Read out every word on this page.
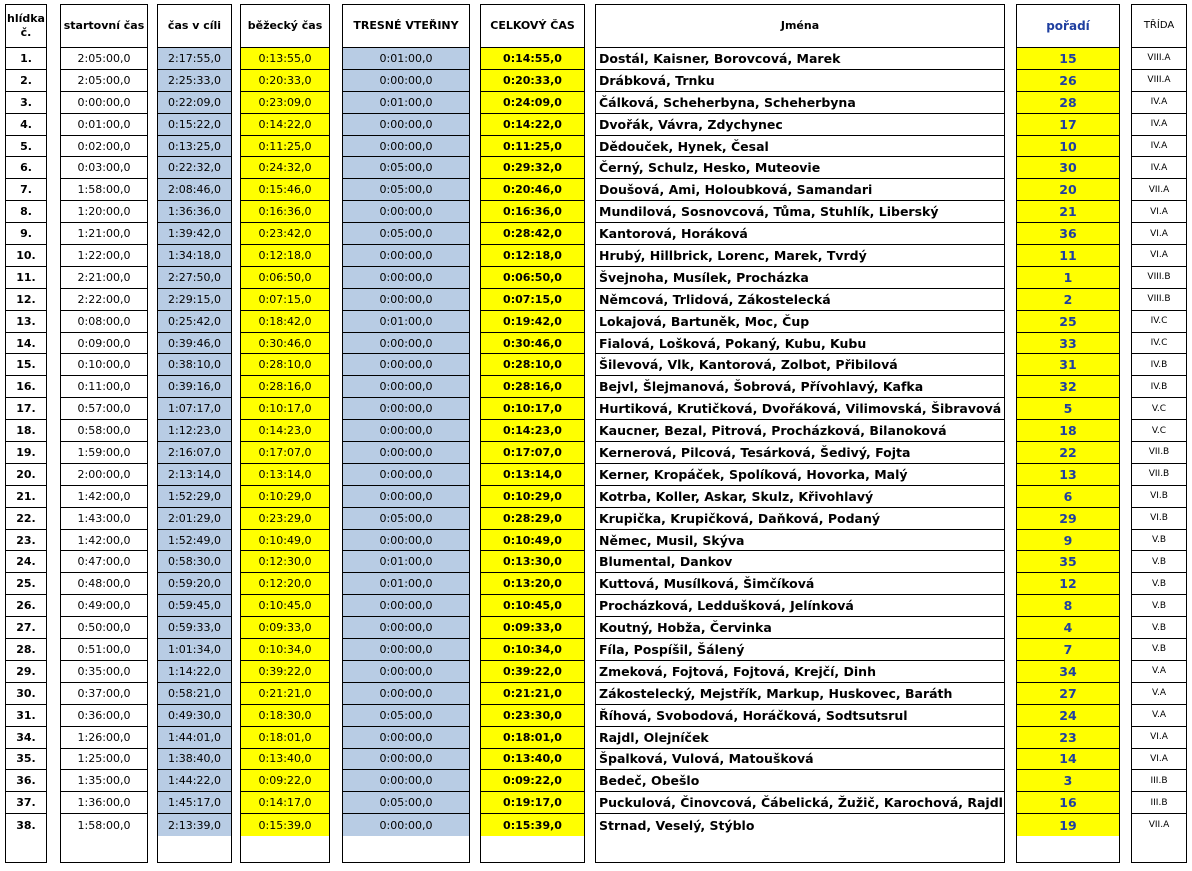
hlídka č.
1.
2.
3.
4.
5.
6.
7.
8.
9.
10.
11.
12.
13.
14.
15.
16.
17.
18.
19.
20.
21.
22.
23.
24.
25.
26.
27.
28.
29.
30.
31.
34.
35.
36.
37.
38.
startovní čas
2:05:00,0
2:05:00,0
0:00:00,0
0:01:00,0
0:02:00,0
0:03:00,0
1:58:00,0
1:20:00,0
1:21:00,0
1:22:00,0
2:21:00,0
2:22:00,0
0:08:00,0
0:09:00,0
0:10:00,0
0:11:00,0
0:57:00,0
0:58:00,0
1:59:00,0
2:00:00,0
1:42:00,0
1:43:00,0
1:42:00,0
0:47:00,0
0:48:00,0
0:49:00,0
0:50:00,0
0:51:00,0
0:35:00,0
0:37:00,0
0:36:00,0
1:26:00,0
1:25:00,0
1:35:00,0
1:36:00,0
1:58:00,0
čas v cíli
2:17:55,0
2:25:33,0
0:22:09,0
0:15:22,0
0:13:25,0
0:22:32,0
2:08:46,0
1:36:36,0
1:39:42,0
1:34:18,0
2:27:50,0
2:29:15,0
0:25:42,0
0:39:46,0
0:38:10,0
0:39:16,0
1:07:17,0
1:12:23,0
2:16:07,0
2:13:14,0
1:52:29,0
2:01:29,0
1:52:49,0
0:58:30,0
0:59:20,0
0:59:45,0
0:59:33,0
1:01:34,0
1:14:22,0
0:58:21,0
0:49:30,0
1:44:01,0
1:38:40,0
1:44:22,0
1:45:17,0
2:13:39,0
běžecký čas
0:13:55,0
0:20:33,0
0:23:09,0
0:14:22,0
0:11:25,0
0:24:32,0
0:15:46,0
0:16:36,0
0:23:42,0
0:12:18,0
0:06:50,0
0:07:15,0
0:18:42,0
0:30:46,0
0:28:10,0
0:28:16,0
0:10:17,0
0:14:23,0
0:17:07,0
0:13:14,0
0:10:29,0
0:23:29,0
0:10:49,0
0:12:30,0
0:12:20,0
0:10:45,0
0:09:33,0
0:10:34,0
0:39:22,0
0:21:21,0
0:18:30,0
0:18:01,0
0:13:40,0
0:09:22,0
0:14:17,0
0:15:39,0
TRESNÉ VTEŘINY
0:01:00,0
0:00:00,0
0:01:00,0
0:00:00,0
0:00:00,0
0:05:00,0
0:05:00,0
0:00:00,0
0:05:00,0
0:00:00,0
0:00:00,0
0:00:00,0
0:01:00,0
0:00:00,0
0:00:00,0
0:00:00,0
0:00:00,0
0:00:00,0
0:00:00,0
0:00:00,0
0:00:00,0
0:05:00,0
0:00:00,0
0:01:00,0
0:01:00,0
0:00:00,0
0:00:00,0
0:00:00,0
0:00:00,0
0:00:00,0
0:05:00,0
0:00:00,0
0:00:00,0
0:00:00,0
0:05:00,0
0:00:00,0
CELKOVÝ ČAS
0:14:55,0
0:20:33,0
0:24:09,0
0:14:22,0
0:11:25,0
0:29:32,0
0:20:46,0
0:16:36,0
0:28:42,0
0:12:18,0
0:06:50,0
0:07:15,0
0:19:42,0
0:30:46,0
0:28:10,0
0:28:16,0
0:10:17,0
0:14:23,0
0:17:07,0
0:13:14,0
0:10:29,0
0:28:29,0
0:10:49,0
0:13:30,0
0:13:20,0
0:10:45,0
0:09:33,0
0:10:34,0
0:39:22,0
0:21:21,0
0:23:30,0
0:18:01,0
0:13:40,0
0:09:22,0
0:19:17,0
0:15:39,0
Jména
Dostál, Kaisner, Borovcová, Marek
Drábková, Trnku
Čálková, Scheherbyna, Scheherbyna
Dvořák, Vávra, Zdychynec
Dědouček, Hynek, Česal
Černý, Schulz, Hesko, Muteovie
Doušová, Ami, Holoubková, Samandari
Mundilová, Sosnovcová, Tůma, Stuhlík, Liberský
Kantorová, Horáková
Hrubý, Hillbrick, Lorenc, Marek, Tvrdý
Švejnoha, Musílek, Procházka
Němcová, Trlidová, Zákostelecká
Lokajová, Bartuněk, Moc, Čup
Fialová, Lošková, Pokaný, Kubu, Kubu
Šilevová, Vlk, Kantorová, Zolbot, Přibilová
Bejvl, Šlejmanová, Šobrová, Přívohlavý, Kafka
Hurtiková, Krutičková, Dvořáková, Vilimovská, Šibravová
Kaucner, Bezal, Pitrová, Procházková, Bilanoková
Kernerová, Pilcová, Tesárková, Šedivý, Fojta
Kerner, Kropáček, Spolíková, Hovorka, Malý
Kotrba, Koller, Askar, Skulz, Křivohlavý
Krupička, Krupičková, Daňková, Podaný
Němec, Musil, Skýva
Blumental, Dankov
Kuttová, Musílková, Šimčíková
Procházková, Leddušková, Jelínková
Koutný, Hobža, Červinka
Fíla, Pospíšil, Šálený
Zmeková, Fojtová, Fojtová, Krejčí, Dinh
Zákostelecký, Mejstřík, Markup, Huskovec, Baráth
Říhová, Svobodová, Horáčková, Sodtsutsrul
Rajdl, Olejníček
Špalková, Vulová, Matoušková
Bedeč, Obešlo
Puckulová, Činovcová, Čábelická, Žužič, Karochová, Rajdl
Strnad, Veselý, Stýblo
pořadí
15
26
28
17
10
30
20
21
36
11
1
2
25
33
31
32
5
18
22
13
6
29
9
35
12
8
4
7
34
27
24
23
14
3
16
19
TŘÍDA
VIII.A
VIII.A
IV.A
IV.A
IV.A
IV.A
VII.A
VI.A
VI.A
VI.A
VIII.B
VIII.B
IV.C
IV.C
IV.B
IV.B
V.C
V.C
VII.B
VII.B
VI.B
VI.B
V.B
V.B
V.B
V.B
V.B
V.B
V.A
V.A
V.A
VI.A
VI.A
III.B
III.B
VII.A
